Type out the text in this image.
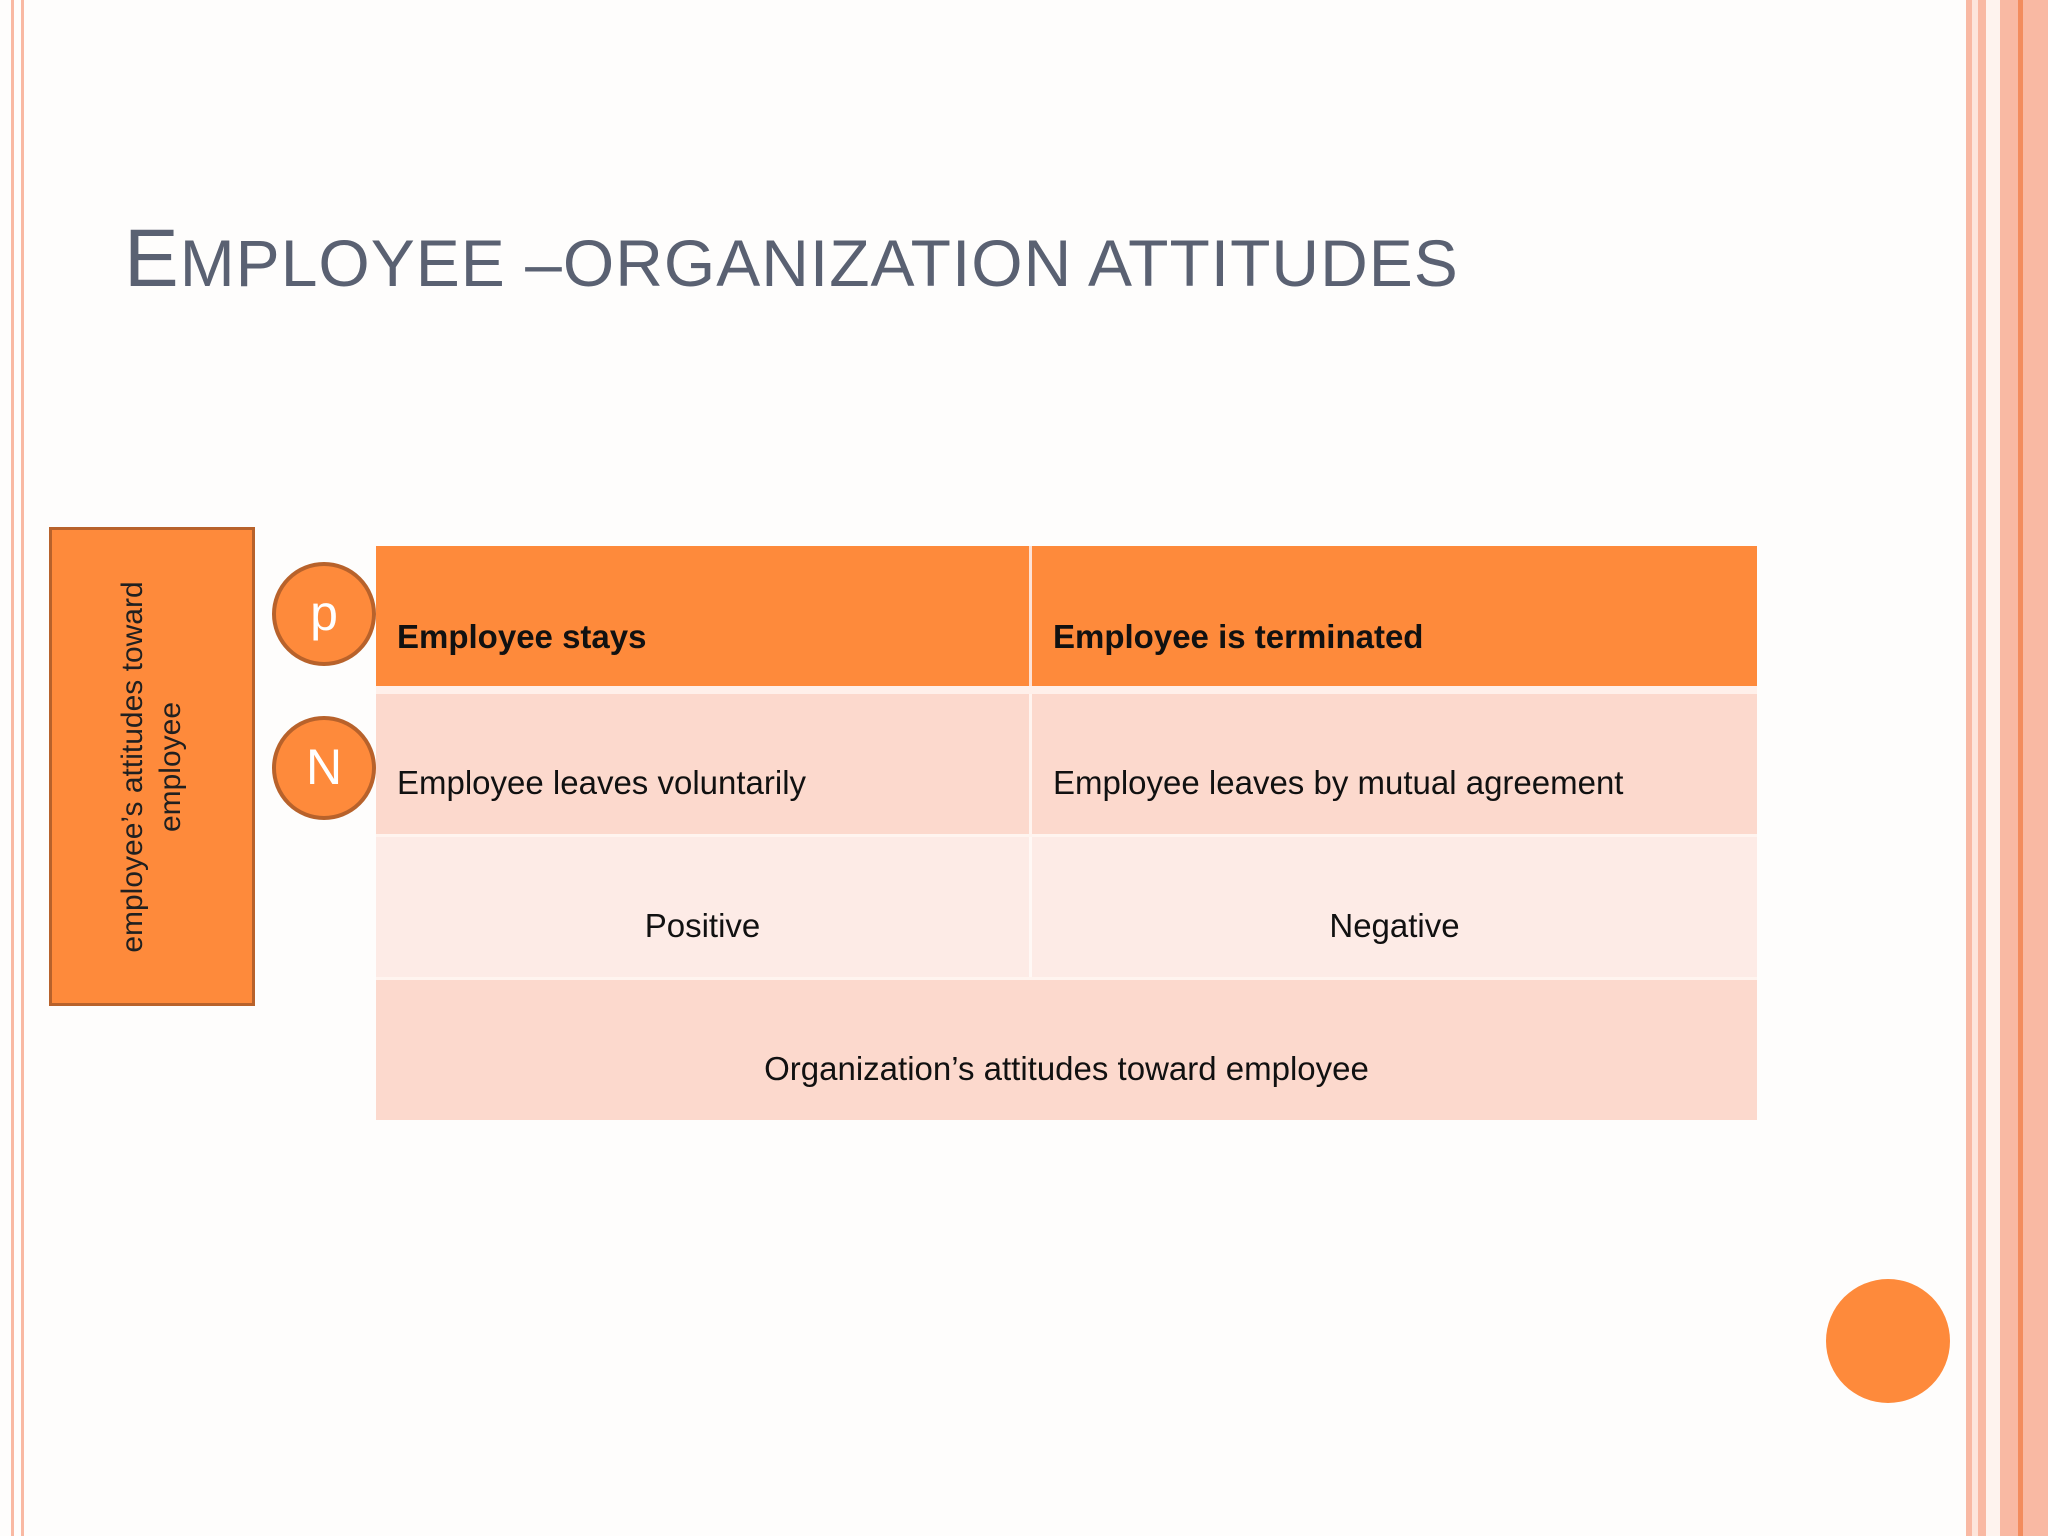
EMPLOYEE –ORGANIZATION ATTITUDES
employee’s attitudes toward employee
p
N
Employee stays	Employee is terminated
Employee leaves voluntarily	Employee leaves by mutual agreement
Positive	Negative
Organization’s attitudes toward employee
